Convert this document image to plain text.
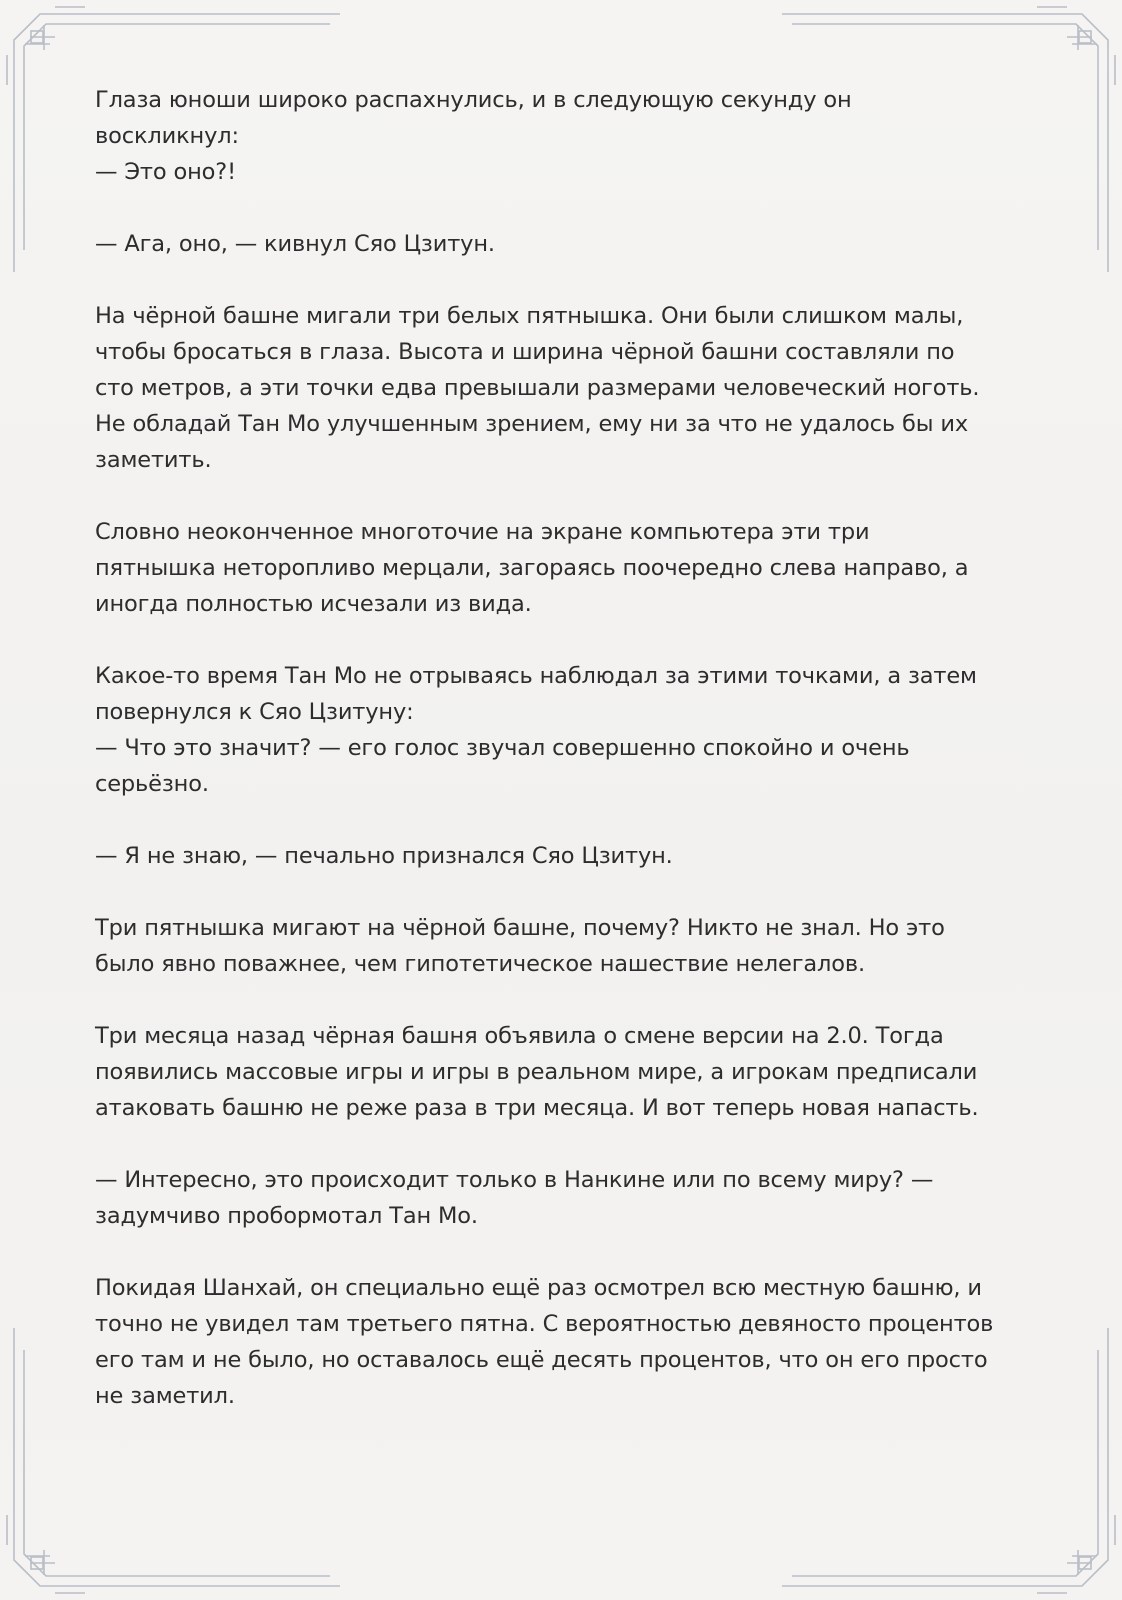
Глаза юноши широко распахнулись, и в следующую секунду он
воскликнул:
— Это оно?!
— Ага, оно, — кивнул Сяо Цзитун.
На чёрной башне мигали три белых пятнышка. Они были слишком малы,
чтобы бросаться в глаза. Высота и ширина чёрной башни составляли по
сто метров, а эти точки едва превышали размерами человеческий ноготь.
Не обладай Тан Мо улучшенным зрением, ему ни за что не удалось бы их
заметить.
Словно неоконченное многоточие на экране компьютера эти три
пятнышка неторопливо мерцали, загораясь поочередно слева направо, а
иногда полностью исчезали из вида.
Какое-то время Тан Мо не отрываясь наблюдал за этими точками, а затем
повернулся к Сяо Цзитуну:
— Что это значит? — его голос звучал совершенно спокойно и очень
серьёзно.
— Я не знаю, — печально признался Сяо Цзитун.
Три пятнышка мигают на чёрной башне, почему? Никто не знал. Но это
было явно поважнее, чем гипотетическое нашествие нелегалов.
Три месяца назад чёрная башня объявила о смене версии на 2.0. Тогда
появились массовые игры и игры в реальном мире, а игрокам предписали
атаковать башню не реже раза в три месяца. И вот теперь новая напасть.
— Интересно, это происходит только в Нанкине или по всему миру? —
задумчиво пробормотал Тан Мо.
Покидая Шанхай, он специально ещё раз осмотрел всю местную башню, и
точно не увидел там третьего пятна. С вероятностью девяносто процентов
его там и не было, но оставалось ещё десять процентов, что он его просто
не заметил.
